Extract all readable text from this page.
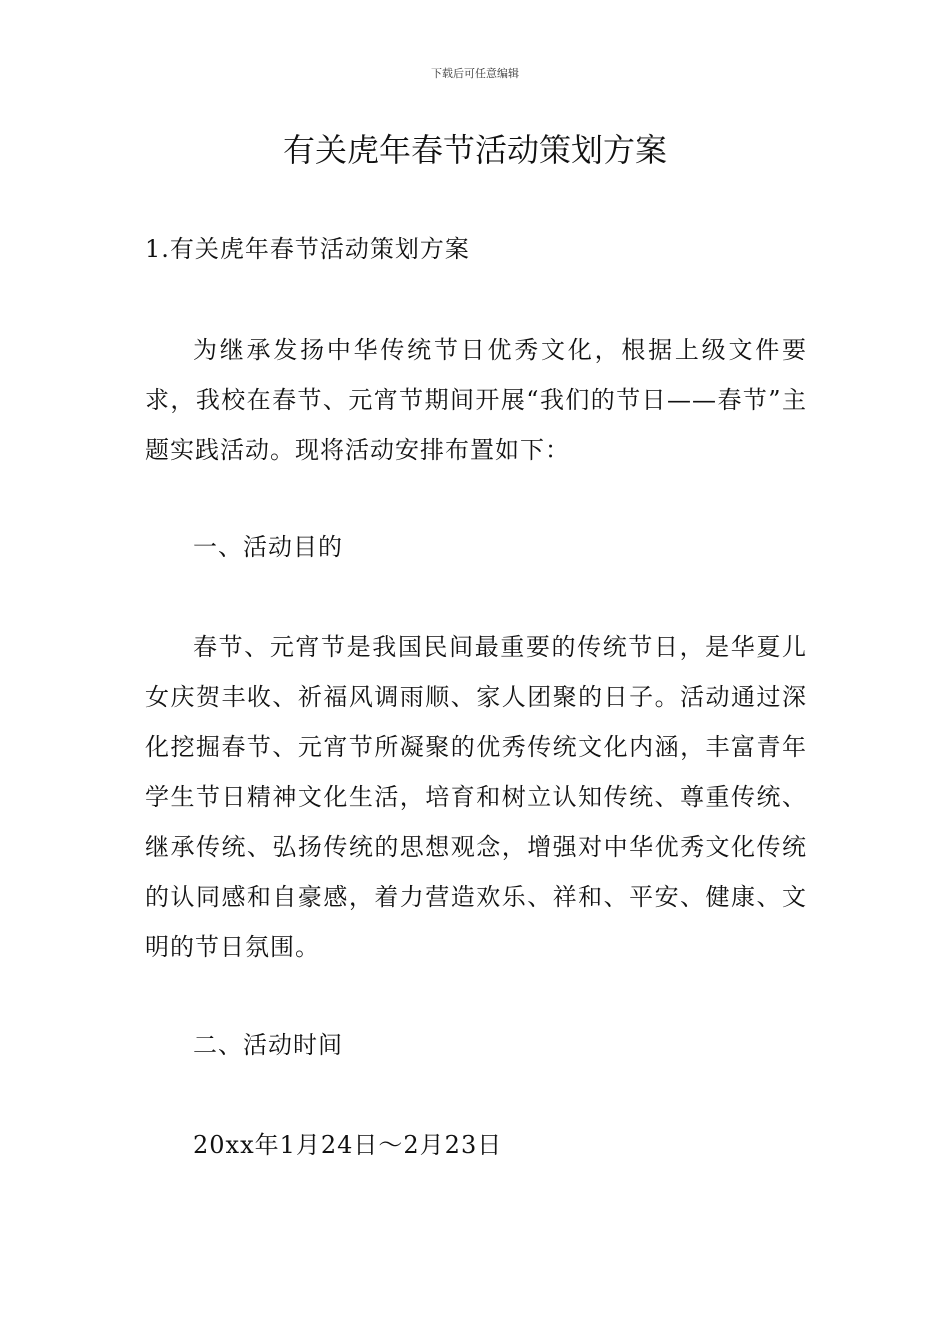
下载后可任意编辑
有关虎年春节活动策划方案

1.有关虎年春节活动策划方案

为继承发扬中华传统节日优秀文化，根据上级文件要求，我校在春节、元宵节期间开展“我们的节日——春节”主题实践活动。现将活动安排布置如下：

一、活动目的

春节、元宵节是我国民间最重要的传统节日，是华夏儿女庆贺丰收、祈福风调雨顺、家人团聚的日子。活动通过深化挖掘春节、元宵节所凝聚的优秀传统文化内涵，丰富青年学生节日精神文化生活，培育和树立认知传统、尊重传统、继承传统、弘扬传统的思想观念，增强对中华优秀文化传统的认同感和自豪感，着力营造欢乐、祥和、平安、健康、文明的节日氛围。

二、活动时间

20xx年1月24日～2月23日
